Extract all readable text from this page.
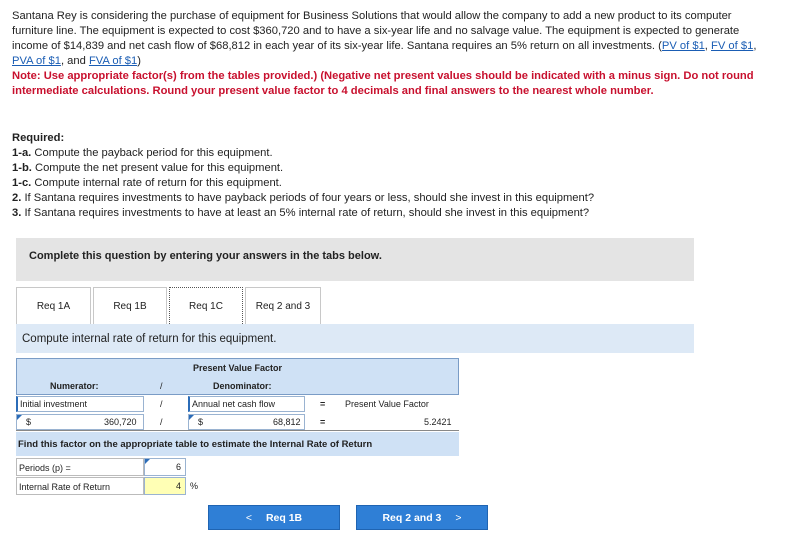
Santana Rey is considering the purchase of equipment for Business Solutions that would allow the company to add a new product to its computer furniture line. The equipment is expected to cost $360,720 and to have a six-year life and no salvage value. The equipment is expected to generate income of $14,839 and net cash flow of $68,812 in each year of its six-year life. Santana requires an 5% return on all investments. (PV of $1, FV of $1, PVA of $1, and FVA of $1)
Note: Use appropriate factor(s) from the tables provided.) (Negative net present values should be indicated with a minus sign. Do not round intermediate calculations. Round your present value factor to 4 decimals and final answers to the nearest whole number.
Required:
1-a. Compute the payback period for this equipment.
1-b. Compute the net present value for this equipment.
1-c. Compute internal rate of return for this equipment.
2. If Santana requires investments to have payback periods of four years or less, should she invest in this equipment?
3. If Santana requires investments to have at least an 5% internal rate of return, should she invest in this equipment?
Complete this question by entering your answers in the tabs below.
Req 1A	Req 1B	Req 1C	Req 2 and 3
Compute internal rate of return for this equipment.
Present Value Factor
Numerator:	/	Denominator:
Initial investment	/	Annual net cash flow	= Present Value Factor
$	360,720	/	$	68,812 =	5.2421
Find this factor on the appropriate table to estimate the Internal Rate of Return
Periods (p) =	6
Internal Rate of Return	4 %
< Req 1B	Req 2 and 3 >
